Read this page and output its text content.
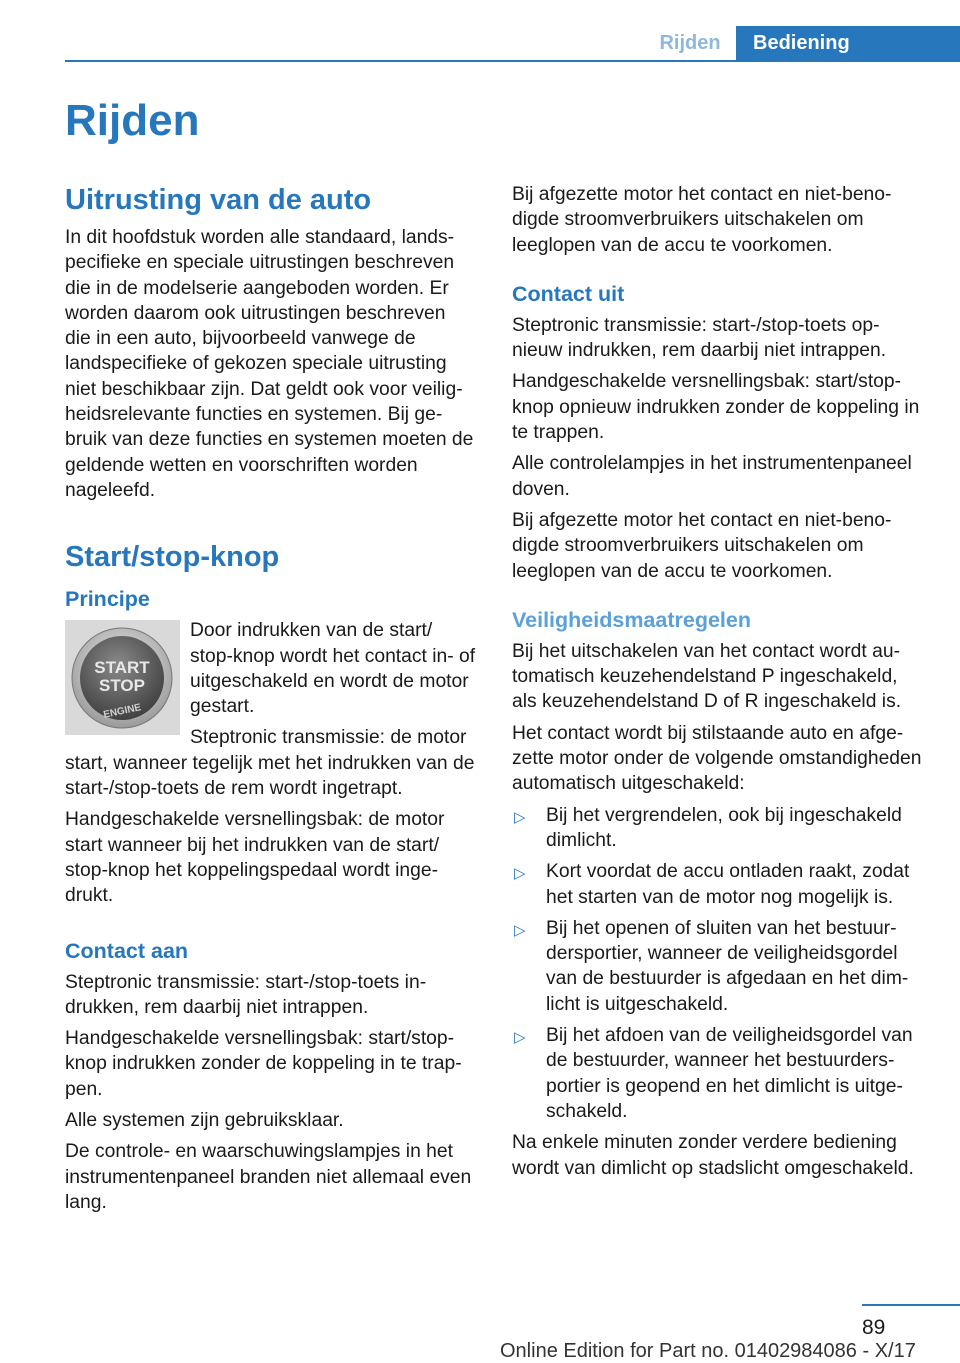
Rijden	Bediening
Rijden
Uitrusting van de auto

In dit hoofdstuk worden alle standaard, landspecifieke en speciale uitrustingen beschreven die in de modelserie aangeboden worden. Er worden daarom ook uitrustingen beschreven die in een auto, bijvoorbeeld vanwege de landspecifieke of gekozen speciale uitrusting niet beschikbaar zijn. Dat geldt ook voor veiligheidsrelevante functies en systemen. Bij gebruik van deze functies en systemen moeten de geldende wetten en voorschriften worden nageleefd.

Start/stop-knop
Principe
START
STOP
ENGINE

Door indrukken van de start/ stop-knop wordt het contact in- of uitgeschakeld en wordt de motor gestart.

Steptronic transmissie: de motor start, wanneer tegelijk met het indrukken van de start-/stop-toets de rem wordt ingetrapt.

Handgeschakelde versnellingsbak: de motor start wanneer bij het indrukken van de start/ stop-knop het koppelingspedaal wordt ingedrukt.

Contact aan

Steptronic transmissie: start-/stop-toets indrukken, rem daarbij niet intrappen.

Handgeschakelde versnellingsbak: start/stop-knop indrukken zonder de koppeling in te trappen.

Alle systemen zijn gebruiksklaar.

De controle- en waarschuwingslampjes in het instrumentenpaneel branden niet allemaal even lang.

Bij afgezette motor het contact en niet-benodigde stroomverbruikers uitschakelen om leeglopen van de accu te voorkomen.

Contact uit

Steptronic transmissie: start-/stop-toets opnieuw indrukken, rem daarbij niet intrappen.

Handgeschakelde versnellingsbak: start/stop-knop opnieuw indrukken zonder de koppeling in te trappen.

Alle controlelampjes in het instrumentenpaneel doven.

Bij afgezette motor het contact en niet-benodigde stroomverbruikers uitschakelen om leeglopen van de accu te voorkomen.

Veiligheidsmaatregelen

Bij het uitschakelen van het contact wordt automatisch keuzehendelstand P ingeschakeld, als keuzehendelstand D of R ingeschakeld is.

Het contact wordt bij stilstaande auto en afgezette motor onder de volgende omstandigheden automatisch uitgeschakeld:

▷ Bij het vergrendelen, ook bij ingeschakeld dimlicht.
▷ Kort voordat de accu ontladen raakt, zodat het starten van de motor nog mogelijk is.
▷ Bij het openen of sluiten van het bestuurdersportier, wanneer de veiligheidsgordel van de bestuurder is afgedaan en het dimlicht is uitgeschakeld.
▷ Bij het afdoen van de veiligheidsgordel van de bestuurder, wanneer het bestuurdersportier is geopend en het dimlicht is uitgeschakeld.

Na enkele minuten zonder verdere bediening wordt van dimlicht op stadslicht omgeschakeld.

89
Online Edition for Part no. 01402984086 - X/17
